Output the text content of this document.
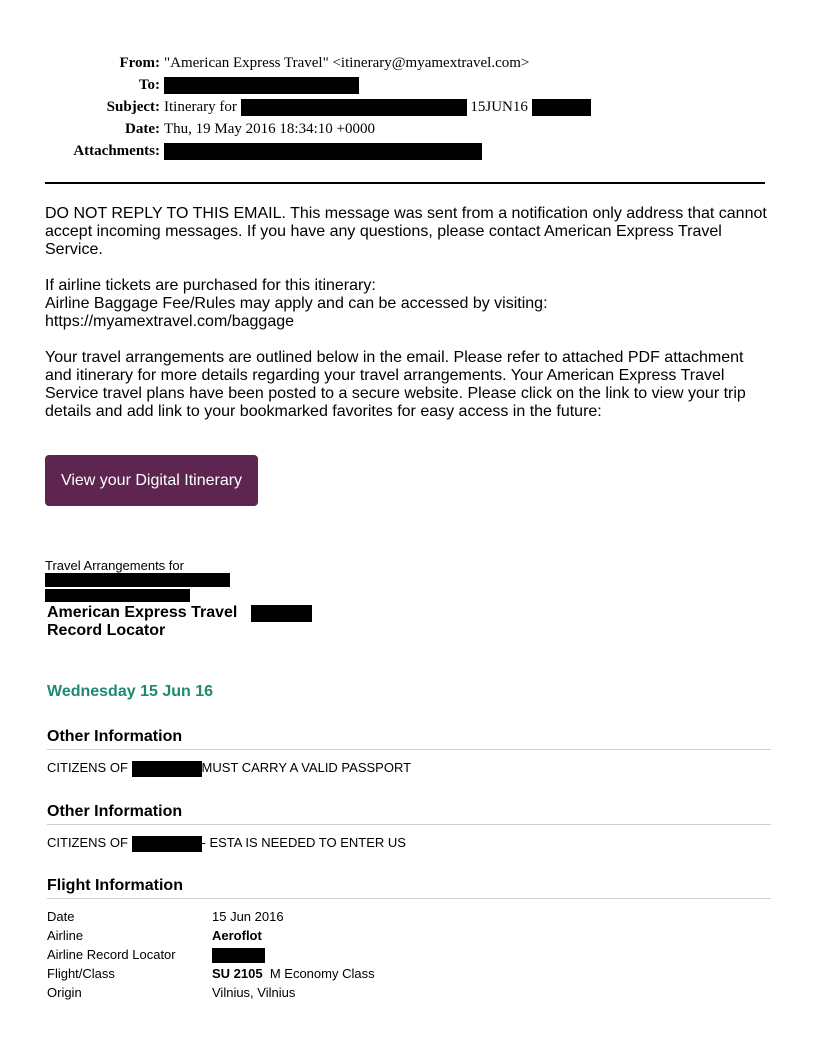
From: "American Express Travel" <itinerary@myamextravel.com>
To:
Subject: Itinerary for	15JUN16
Date: Thu, 19 May 2016 18:34:10 +0000
Attachments:

DO NOT REPLY TO THIS EMAIL. This message was sent from a notification only address that cannot accept incoming messages. If you have any questions, please contact American Express Travel Service.

If airline tickets are purchased for this itinerary:
Airline Baggage Fee/Rules may apply and can be accessed by visiting:
https://myamextravel.com/baggage

Your travel arrangements are outlined below in the email. Please refer to attached PDF attachment and itinerary for more details regarding your travel arrangements. Your American Express Travel Service travel plans have been posted to a secure website. Please click on the link to view your trip details and add link to your bookmarked favorites for easy access in the future:

View your Digital Itinerary
Travel Arrangements for
American Express Travel
Record Locator
Wednesday 15 Jun 16
Other Information
CITIZENS OF	MUST CARRY A VALID PASSPORT
Other Information
CITIZENS OF	- ESTA IS NEEDED TO ENTER US
Flight Information
Date	15 Jun 2016
Airline	Aeroflot
Airline Record Locator
Flight/Class	SU 2105 M Economy Class
Origin	Vilnius, Vilnius
